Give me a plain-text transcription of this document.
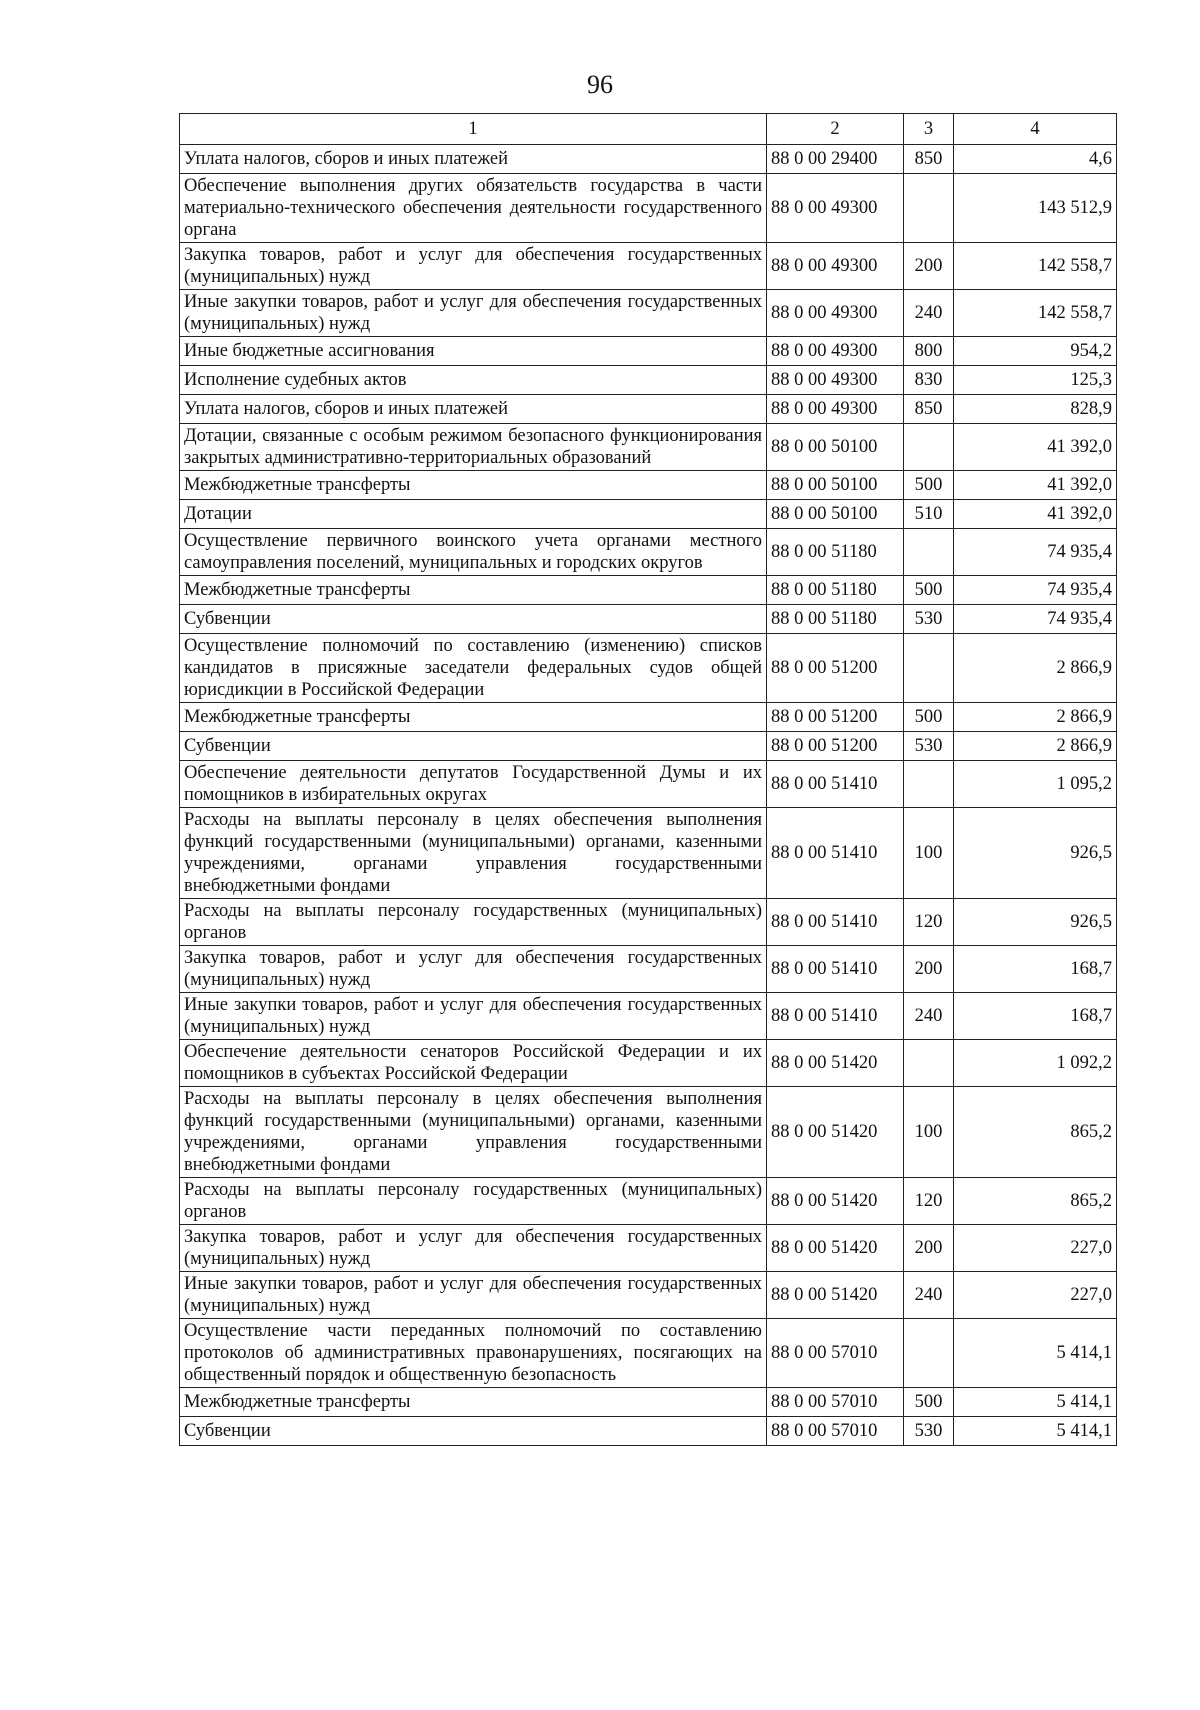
96
1	2	3	4
Уплата налогов, сборов и иных платежей	88 0 00 29400	850	4,6
Обеспечение выполнения других обязательств государства в части материально-технического обеспечения деятельности государственного органа	88 0 00 49300		143 512,9
Закупка товаров, работ и услуг для обеспечения государственных (муниципальных) нужд	88 0 00 49300	200	142 558,7
Иные закупки товаров, работ и услуг для обеспечения государственных (муниципальных) нужд	88 0 00 49300	240	142 558,7
Иные бюджетные ассигнования	88 0 00 49300	800	954,2
Исполнение судебных актов	88 0 00 49300	830	125,3
Уплата налогов, сборов и иных платежей	88 0 00 49300	850	828,9
Дотации, связанные с особым режимом безопасного функционирования закрытых административно-территориальных образований	88 0 00 50100		41 392,0
Межбюджетные трансферты	88 0 00 50100	500	41 392,0
Дотации	88 0 00 50100	510	41 392,0
Осуществление первичного воинского учета органами местного самоуправления поселений, муниципальных и городских округов	88 0 00 51180		74 935,4
Межбюджетные трансферты	88 0 00 51180	500	74 935,4
Субвенции	88 0 00 51180	530	74 935,4
Осуществление полномочий по составлению (изменению) списков кандидатов в присяжные заседатели федеральных судов общей юрисдикции в Российской Федерации	88 0 00 51200		2 866,9
Межбюджетные трансферты	88 0 00 51200	500	2 866,9
Субвенции	88 0 00 51200	530	2 866,9
Обеспечение деятельности депутатов Государственной Думы и их помощников в избирательных округах	88 0 00 51410		1 095,2
Расходы на выплаты персоналу в целях обеспечения выполнения функций государственными (муниципальными) органами, казенными учреждениями, органами управления государственными внебюджетными фондами	88 0 00 51410	100	926,5
Расходы на выплаты персоналу государственных (муниципальных) органов	88 0 00 51410	120	926,5
Закупка товаров, работ и услуг для обеспечения государственных (муниципальных) нужд	88 0 00 51410	200	168,7
Иные закупки товаров, работ и услуг для обеспечения государственных (муниципальных) нужд	88 0 00 51410	240	168,7
Обеспечение деятельности сенаторов Российской Федерации и их помощников в субъектах Российской Федерации	88 0 00 51420		1 092,2
Расходы на выплаты персоналу в целях обеспечения выполнения функций государственными (муниципальными) органами, казенными учреждениями, органами управления государственными внебюджетными фондами	88 0 00 51420	100	865,2
Расходы на выплаты персоналу государственных (муниципальных) органов	88 0 00 51420	120	865,2
Закупка товаров, работ и услуг для обеспечения государственных (муниципальных) нужд	88 0 00 51420	200	227,0
Иные закупки товаров, работ и услуг для обеспечения государственных (муниципальных) нужд	88 0 00 51420	240	227,0
Осуществление части переданных полномочий по составлению протоколов об административных правонарушениях, посягающих на общественный порядок и общественную безопасность	88 0 00 57010		5 414,1
Межбюджетные трансферты	88 0 00 57010	500	5 414,1
Субвенции	88 0 00 57010	530	5 414,1
